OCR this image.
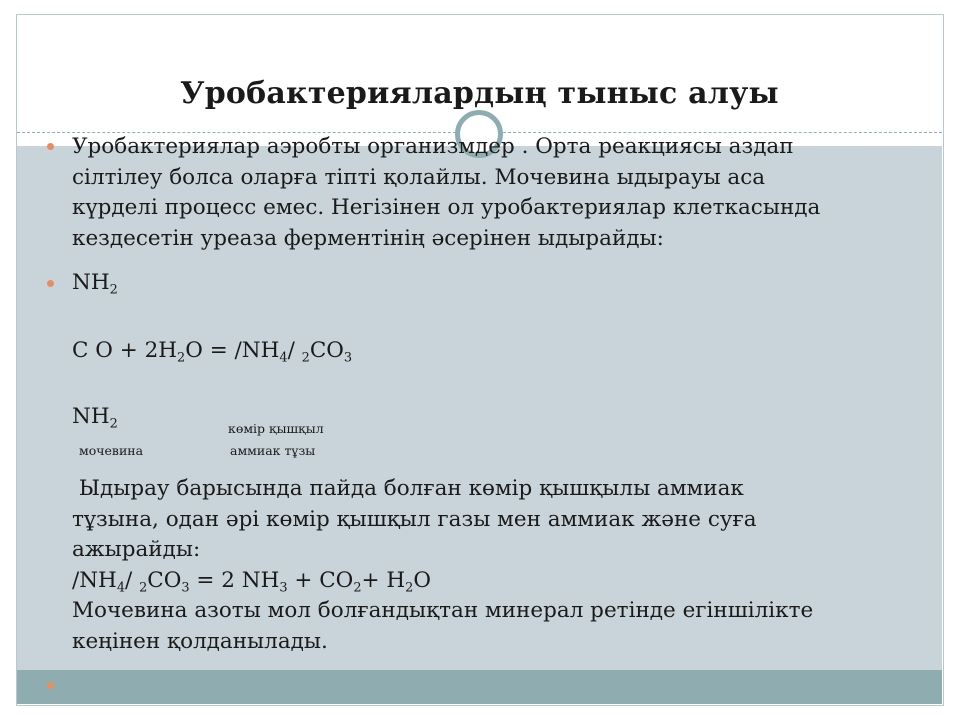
Уробактериялардың тыныс алуы
Уробактериялар аэробты организмдер . Орта реакциясы аздап
сілтілеу болса оларға тіпті қолайлы. Мочевина ыдырауы аса
күрделі процесс емес. Негізінен ол уробактериялар клеткасында
кездесетін уреаза ферментінің әсерінен ыдырайды:
$NH_2$
C $O + 2H_2O = /NH_4/$ $_2CO_3$
$NH_2$	көмір қышқыл
мочевина	аммиак тұзы
Ыдырау барысында пайда болған көмір қышқылы аммиак
тұзына, одан әрі көмір қышқыл газы мен аммиак және суға
ажырайды:
$/NH_4/$ $_2CO_3 = 2$ $NH_3 + CO_2+ H_2O$
Мочевина азоты мол болғандықтан минерал ретінде егіншілікте
кеңінен қолданылады.
